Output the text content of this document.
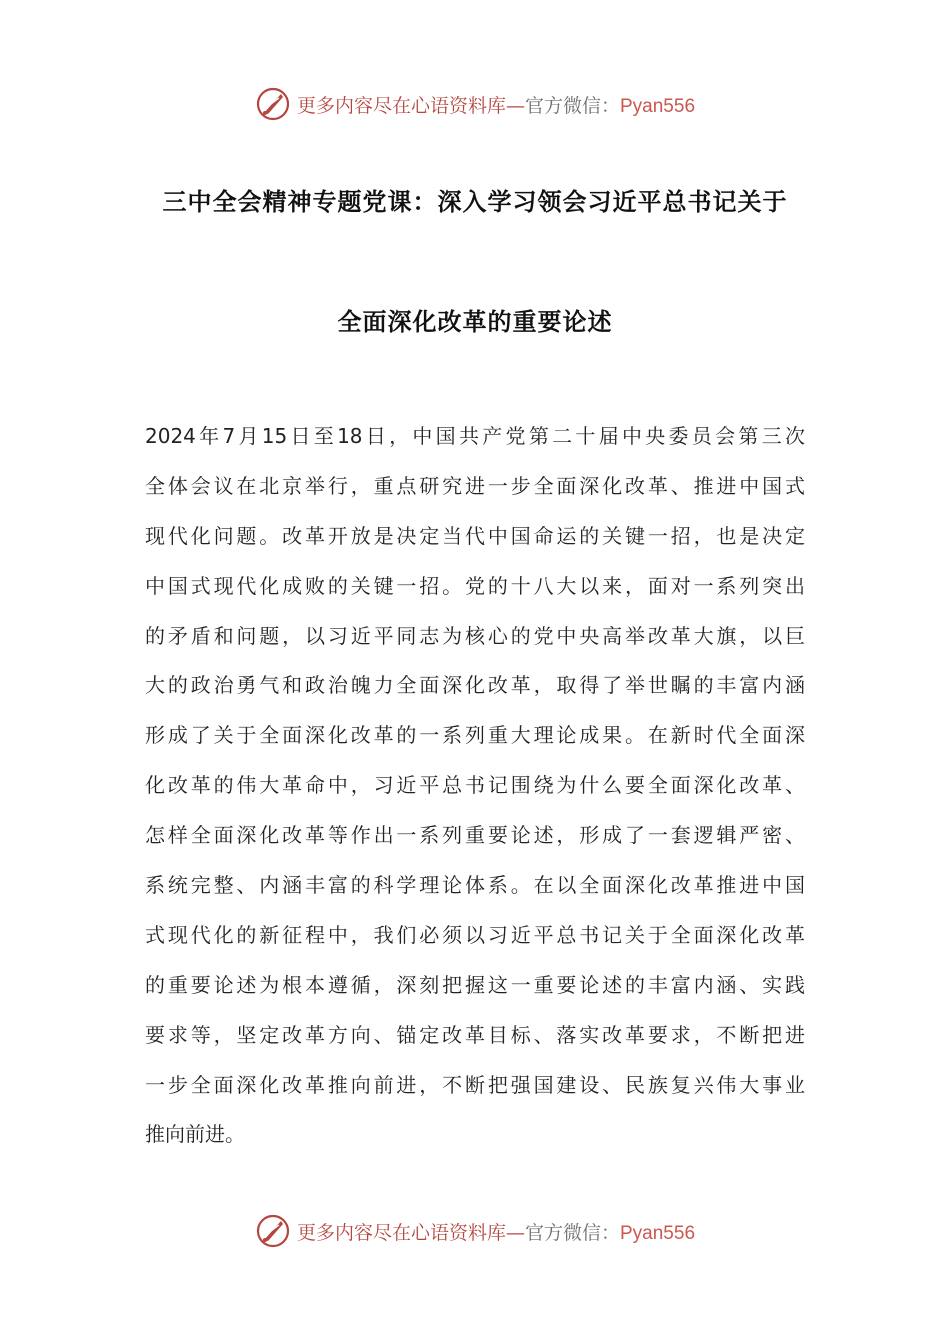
更多内容尽在心语资料库—官方微信：Pyan556
三中全会精神专题党课：深入学习领会习近平总书记关于
全面深化改革的重要论述
2024年7月15日至18日，中国共产党第二十届中央委员会第三次
全体会议在北京举行，重点研究进一步全面深化改革、推进中国式
现代化问题。改革开放是决定当代中国命运的关键一招，也是决定
中国式现代化成败的关键一招。党的十八大以来，面对一系列突出
的矛盾和问题，以习近平同志为核心的党中央高举改革大旗，以巨
大的政治勇气和政治魄力全面深化改革，取得了举世瞩的丰富内涵
形成了关于全面深化改革的一系列重大理论成果。在新时代全面深
化改革的伟大革命中，习近平总书记围绕为什么要全面深化改革、
怎样全面深化改革等作出一系列重要论述，形成了一套逻辑严密、
系统完整、内涵丰富的科学理论体系。在以全面深化改革推进中国
式现代化的新征程中，我们必须以习近平总书记关于全面深化改革
的重要论述为根本遵循，深刻把握这一重要论述的丰富内涵、实践
要求等，坚定改革方向、锚定改革目标、落实改革要求，不断把进
一步全面深化改革推向前进，不断把强国建设、民族复兴伟大事业
推向前进。
更多内容尽在心语资料库—官方微信：Pyan556
